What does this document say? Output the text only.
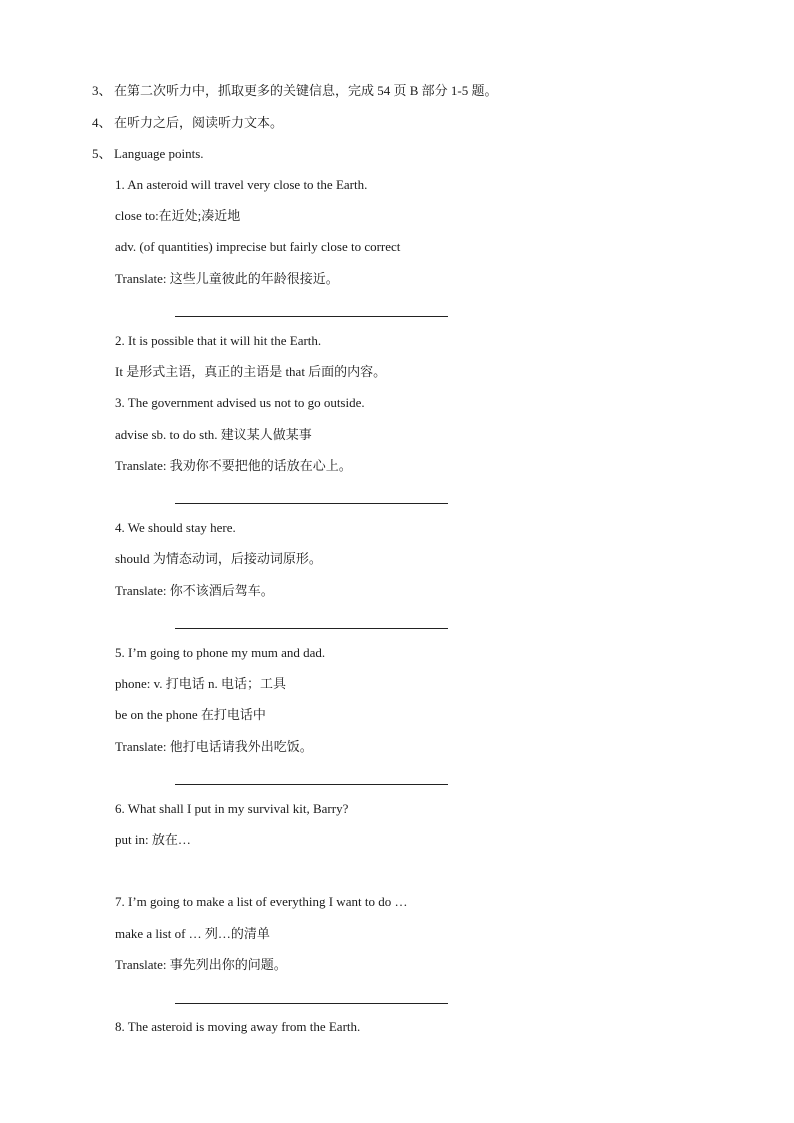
3、 在第二次听力中，抓取更多的关键信息，完成 54 页 B 部分 1-5 题。
4、 在听力之后，阅读听力文本。
5、 Language points.
1. An asteroid will travel very close to the Earth.
close to:在近处;凑近地
adv. (of quantities) imprecise but fairly close to correct
Translate: 这些儿童彼此的年龄很接近。
2. It is possible that it will hit the Earth.
It 是形式主语，真正的主语是 that 后面的内容。
3. The government advised us not to go outside.
advise sb. to do sth. 建议某人做某事
Translate: 我劝你不要把他的话放在心上。
4. We should stay here.
should 为情态动词，后接动词原形。
Translate: 你不该酒后驾车。
5. I’m going to phone my mum and dad.
phone: v. 打电话 n. 电话；工具
be on the phone 在打电话中
Translate: 他打电话请我外出吃饭。
6. What shall I put in my survival kit, Barry?
put in: 放在…
7. I’m going to make a list of everything I want to do …
make a list of … 列…的清单
Translate: 事先列出你的问题。
8. The asteroid is moving away from the Earth.
